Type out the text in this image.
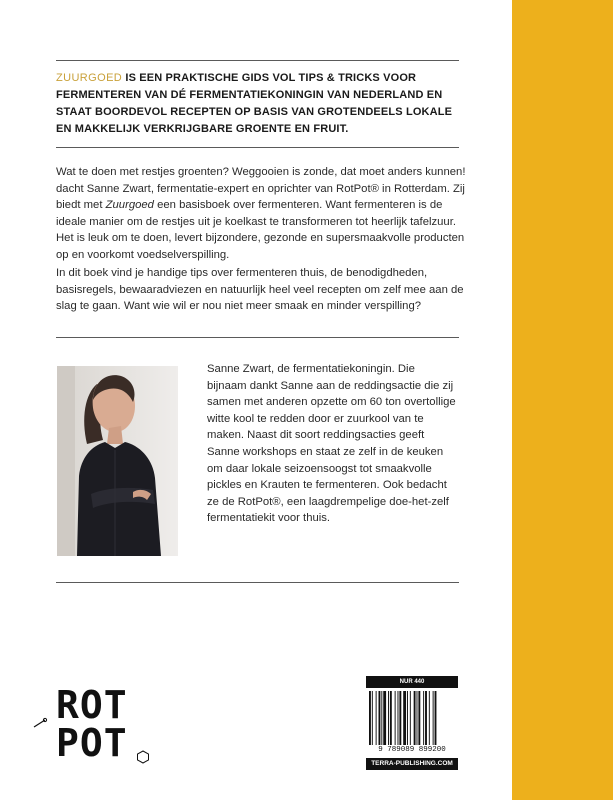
ZUURGOED IS EEN PRAKTISCHE GIDS VOL TIPS & TRICKS VOOR FERMENTEREN VAN DÉ FERMENTATIEKONINGIN VAN NEDERLAND EN STAAT BOORDEVOL RECEPTEN OP BASIS VAN GROTENDEELS LOKALE EN MAKKELIJK VERKRIJGBARE GROENTE EN FRUIT.

Wat te doen met restjes groenten? Weggooien is zonde, dat moet anders kunnen! dacht Sanne Zwart, fermentatie-expert en oprichter van RotPot® in Rotterdam. Zij biedt met Zuurgoed een basisboek over fermenteren. Want fermenteren is de ideale manier om de restjes uit je koelkast te transformeren tot heerlijk tafelzuur. Het is leuk om te doen, levert bijzondere, gezonde en supersmaakvolle producten op en voorkomt voedselverspilling.

In dit boek vind je handige tips over fermenteren thuis, de benodigdheden, basisregels, bewaaradviezen en natuurlijk heel veel recepten om zelf mee aan de slag te gaan. Want wie wil er nou niet meer smaak en minder verspilling?

Sanne Zwart, de fermentatiekoningin. Die bijnaam dankt Sanne aan de reddingsactie die zij samen met anderen opzette om 60 ton overtollige witte kool te redden door er zuurkool van te maken. Naast dit soort reddingsacties geeft Sanne workshops en staat ze zelf in de keuken om daar lokale seizoensoogst tot smaakvolle pickles en Krauten te fermenteren. Ook bedacht ze de RotPot®, een laagdrempelige doe-het-zelf fermentatiekit voor thuis.

ROT
POT
NUR 440
9 789089 899200
TERRA-PUBLISHING.COM
